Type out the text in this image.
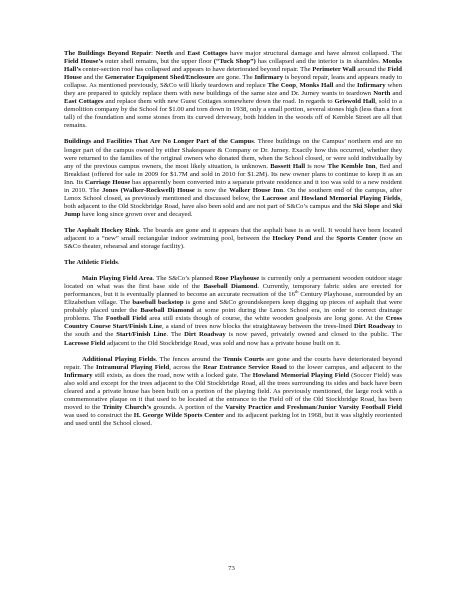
The Buildings Beyond Repair: North and East Cottages have major structural damage and have almost collapsed. The Field House’s outer shell remains, but the upper floor (“Tuck Shop”) has collapsed and the interior is in shambles. Monks Hall’s center-section roof has collapsed and appears to have deteriorated beyond repair. The Perimeter Wall around the Field House and the Generator Equipment Shed/Enclosure are gone. The Infirmary is beyond repair, leans and appears ready to collapse. As mentioned previously, S&Co will likely teardown and replace The Coop, Monks Hall and the Infirmary when they are prepared to quickly replace them with new buildings of the same size and Dr. Jurney wants to teardown North and East Cottages and replace them with new Guest Cottages somewhere down the road. In regards to Griswold Hall, sold to a demolition company by the School for $1.00 and torn down in 1938, only a small portion, several stones high (less than a foot tall) of the foundation and some stones from its curved driveway, both hidden in the woods off of Kemble Street are all that remains.

Buildings and Facilities That Are No Longer Part of the Campus. Three buildings on the Campus’ northern end are no longer part of the campus owned by either Shakespeare & Company or Dr. Jurney. Exactly how this occurred, whether they were returned to the families of the original owners who donated them, when the School closed, or were sold individually by any of the previous campus owners, the most likely situation, is unknown. Bassett Hall is now The Kemble Inn, Bed and Breakfast (offered for sale in 2009 for $1.7M and sold in 2010 for $1.2M). Its new owner plans to continue to keep it as an Inn. Its Carriage House has apparently been converted into a separate private residence and it too was sold to a new resident in 2010. The Jones (Walker-Rockwell) House is now the Walker House Inn. On the southern end of the campus, after Lenox School closed, as previously mentioned and discussed below, the Lacrosse and Howland Memorial Playing Fields, both adjacent to the Old Stockbridge Road, have also been sold and are not part of S&Co’s campus and the Ski Slope and Ski Jump have long since grown over and decayed.

The Asphalt Hockey Rink. The boards are gone and it appears that the asphalt base is as well. It would have been located adjacent to a “new” small rectangular indoor swimming pool, between the Hockey Pond and the Sports Center (now an S&Co theater, rehearsal and storage facility).

The Athletic Fields.

Main Playing Field Area. The S&Co’s planned Rose Playhouse is currently only a permanent wooden outdoor stage located on what was the first base side of the Baseball Diamond. Currently, temporary fabric sides are erected for performances, but it is eventually planned to become an accurate recreation of the 16th Century Playhouse, surrounded by an Elizabethan village. The baseball backstop is gone and S&Co groundskeepers keep digging up pieces of asphalt that were probably placed under the Baseball Diamond at some point during the Lenox School era, in order to correct drainage problems. The Football Field area still exists though of course, the white wooden goalposts are long gone. At the Cross Country Course Start/Finish Line, a stand of trees now blocks the straightaway between the trees-lined Dirt Roadway to the south and the Start/Finish Line. The Dirt Roadway is now paved, privately owned and closed to the public. The Lacrosse Field adjacent to the Old Stockbridge Road, was sold and now has a private house built on it.

Additional Playing Fields. The fences around the Tennis Courts are gone and the courts have deteriorated beyond repair. The Intramural Playing Field, across the Rear Entrance Service Road to the lower campus, and adjacent to the Infirmary still exists, as does the road, now with a locked gate. The Howland Memorial Playing Field (Soccer Field) was also sold and except for the trees adjacent to the Old Stockbridge Road, all the trees surrounding its sides and back have been cleared and a private house has been built on a portion of the playing field. As previously mentioned, the large rock with a commemorative plaque on it that used to be located at the entrance to the Field off of the Old Stockbridge Road, has been moved to the Trinity Church’s grounds. A portion of the Varsity Practice and Freshman/Junior Varsity Football Field was used to construct the H. George Wilde Sports Center and its adjacent parking lot in 1968, but it was slightly reoriented and used until the School closed.

73
